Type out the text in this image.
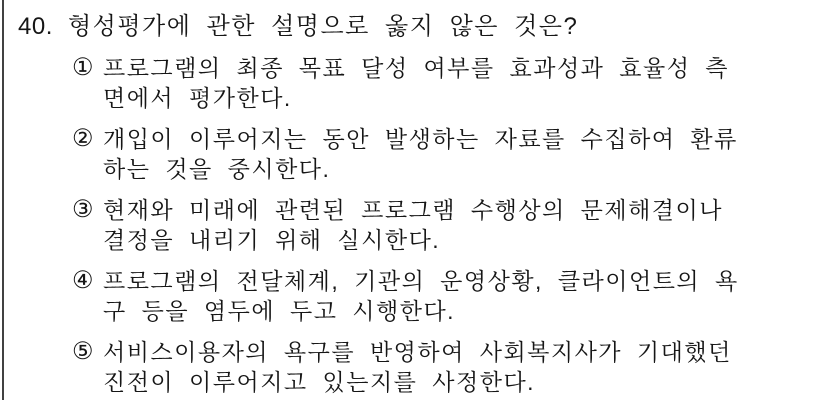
40. 형성평가에 관한 설명으로 옳지 않은 것은?
① 프로그램의 최종 목표 달성 여부를 효과성과 효율성 측
면에서 평가한다.
② 개입이 이루어지는 동안 발생하는 자료를 수집하여 환류
하는 것을 중시한다.
③ 현재와 미래에 관련된 프로그램 수행상의 문제해결이나
결정을 내리기 위해 실시한다.
④ 프로그램의 전달체계, 기관의 운영상황, 클라이언트의 욕
구 등을 염두에 두고 시행한다.
⑤ 서비스이용자의 욕구를 반영하여 사회복지사가 기대했던
진전이 이루어지고 있는지를 사정한다.
